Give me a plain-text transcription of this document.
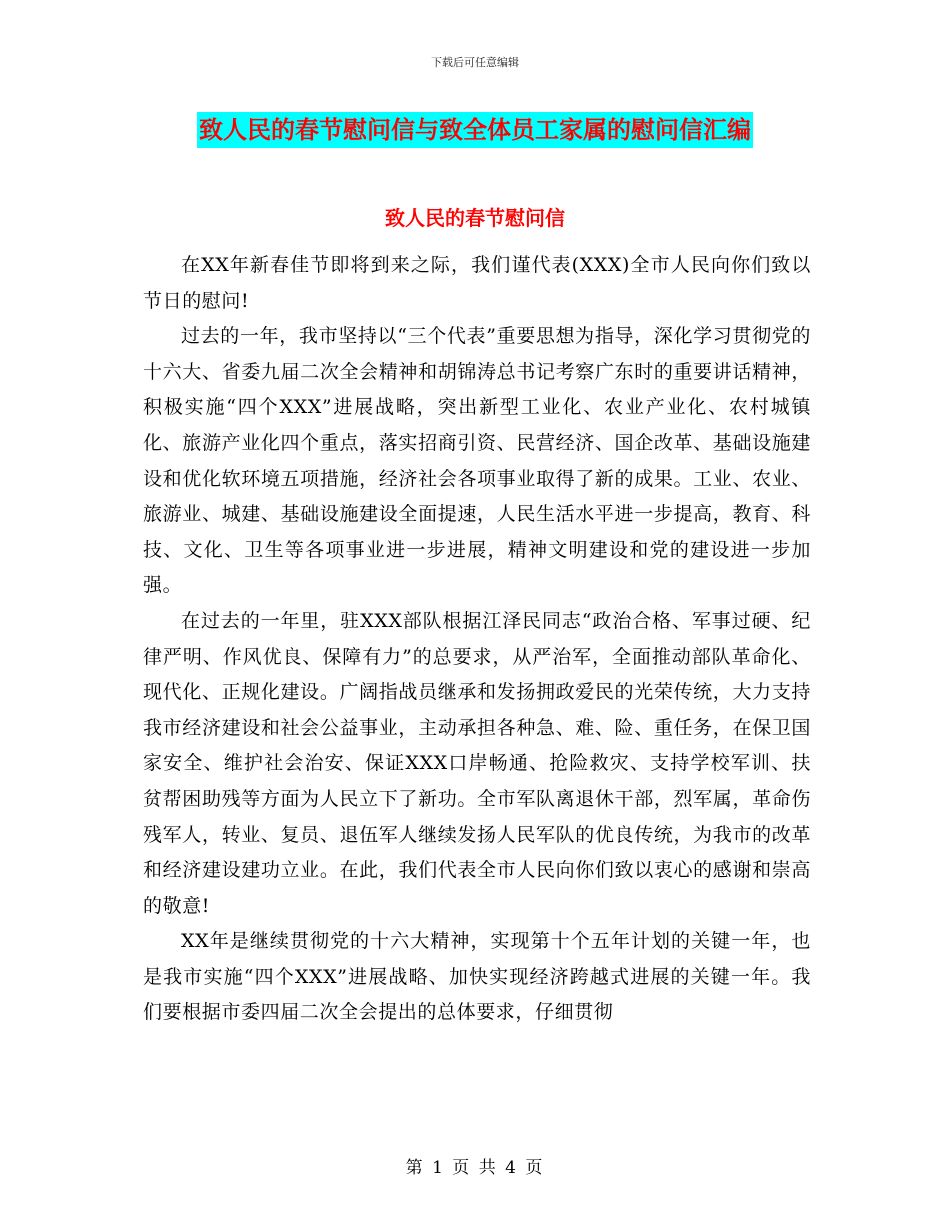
下载后可任意编辑
致人民的春节慰问信与致全体员工家属的慰问信汇编
致人民的春节慰问信

在XX年新春佳节即将到来之际，我们谨代表(XXX)全市人民向你们致以节日的慰问!

过去的一年，我市坚持以“三个代表”重要思想为指导，深化学习贯彻党的十六大、省委九届二次全会精神和胡锦涛总书记考察广东时的重要讲话精神，积极实施“四个XXX”进展战略，突出新型工业化、农业产业化、农村城镇化、旅游产业化四个重点，落实招商引资、民营经济、国企改革、基础设施建设和优化软环境五项措施，经济社会各项事业取得了新的成果。工业、农业、旅游业、城建、基础设施建设全面提速，人民生活水平进一步提高，教育、科技、文化、卫生等各项事业进一步进展，精神文明建设和党的建设进一步加强。

在过去的一年里，驻XXX部队根据江泽民同志“政治合格、军事过硬、纪律严明、作风优良、保障有力”的总要求，从严治军，全面推动部队革命化、现代化、正规化建设。广阔指战员继承和发扬拥政爱民的光荣传统，大力支持我市经济建设和社会公益事业，主动承担各种急、难、险、重任务，在保卫国家安全、维护社会治安、保证XXX口岸畅通、抢险救灾、支持学校军训、扶贫帮困助残等方面为人民立下了新功。全市军队离退休干部，烈军属，革命伤残军人，转业、复员、退伍军人继续发扬人民军队的优良传统，为我市的改革和经济建设建功立业。在此，我们代表全市人民向你们致以衷心的感谢和崇高的敬意!

XX年是继续贯彻党的十六大精神，实现第十个五年计划的关键一年，也是我市实施“四个XXX”进展战略、加快实现经济跨越式进展的关键一年。我们要根据市委四届二次全会提出的总体要求，仔细贯彻

第 1 页 共 4 页
